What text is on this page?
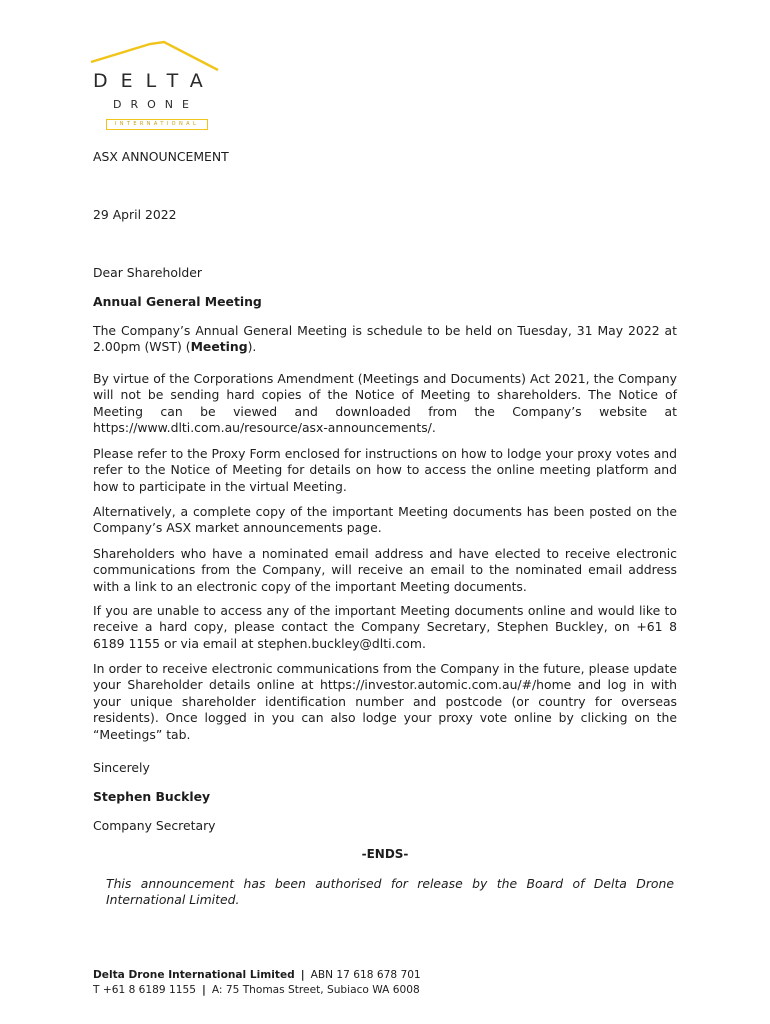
DELTA
DRONE
INTERNATIONAL
ASX ANNOUNCEMENT
29 April 2022
Dear Shareholder
Annual General Meeting

The Company’s Annual General Meeting is schedule to be held on Tuesday, 31 May 2022 at 2.00pm (WST) (Meeting).

By virtue of the Corporations Amendment (Meetings and Documents) Act 2021, the Company will not be sending hard copies of the Notice of Meeting to shareholders. The Notice of Meeting can be viewed and downloaded from the Company’s website at https://www.dlti.com.au/resource/asx-announcements/.

Please refer to the Proxy Form enclosed for instructions on how to lodge your proxy votes and refer to the Notice of Meeting for details on how to access the online meeting platform and how to participate in the virtual Meeting.

Alternatively, a complete copy of the important Meeting documents has been posted on the Company’s ASX market announcements page.

Shareholders who have a nominated email address and have elected to receive electronic communications from the Company, will receive an email to the nominated email address with a link to an electronic copy of the important Meeting documents.

If you are unable to access any of the important Meeting documents online and would like to receive a hard copy, please contact the Company Secretary, Stephen Buckley, on +61 8 6189 1155 or via email at stephen.buckley@dlti.com.

In order to receive electronic communications from the Company in the future, please update your Shareholder details online at https://investor.automic.com.au/#/home and log in with your unique shareholder identification number and postcode (or country for overseas residents). Once logged in you can also lodge your proxy vote online by clicking on the “Meetings” tab.

Sincerely
Stephen Buckley
Company Secretary
-ENDS-

This announcement has been authorised for release by the Board of Delta Drone International Limited.

Delta Drone International Limited | ABN 17 618 678 701
T +61 8 6189 1155 | A: 75 Thomas Street, Subiaco WA 6008
